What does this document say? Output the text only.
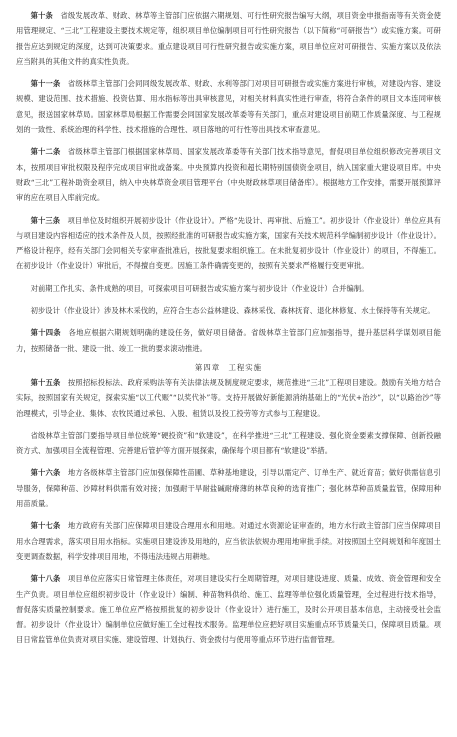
第十条　 省级发展改革、财政、林草等主管部门应依据六期规划、可行性研究报告编写大纲，项目资金申报指南等有关资金使用管理规定、“三北”工程建设主要技术规定等，组织项目单位编制项目可行性研究报告（以下简称“可研报告”）或实施方案。可研报告应达到规定的深度，达到可决策要求。重点建设项目可行性研究报告或实施方案，项目单位应对可研报告、实施方案以及依法应当附具的其他文件的真实性负责。

第十一条　 省级林草主管部门会同同级发展改革、财政、水利等部门对项目可研报告或实施方案进行审核，对建设内容、建设规模、建设范围、技术措施、投资估算、用水指标等出具审核意见，对相关材料真实性进行审查，将符合条件的项目文本连同审核意见，报送国家林草局。国家林草局根据工作需要会同国家发展改革委等有关部门，重点对建设项目前期工作质量深度、与工程规划的一致性、系统治理的科学性、技术措施的合理性、项目落地的可行性等出具技术审查意见。

第十二条　 省级林草主管部门根据国家林草局、国家发展改革委等有关部门技术指导意见，督促项目单位组织修改完善项目文本，按照项目审批权限及程序完成项目审批或备案。中央预算内投资和超长期特别国债资金项目，纳入国家重大建设项目库。中央财政“三北”工程补助资金项目，纳入中央林草资金项目管理平台（中央财政林草项目储备库）。根据地方工作安排，需要开展预算评审的应在项目入库前完成。

第十三条　 项目单位及时组织开展初步设计（作业设计）。严格“先设计、再审批、后施工”。初步设计（作业设计）单位应具有与项目建设内容相适应的技术条件及人员，按照经批准的可研报告或实施方案，国家有关技术规范科学编制初步设计（作业设计）。严格设计程序，经有关部门会同相关专家审查批准后，按批复要求组织施工。在未批复初步设计（作业设计）的项目，不得施工。在初步设计（作业设计）审批后，不得擅自变更。因施工条件确需变更的，按照有关要求严格履行变更审批。

对前期工作扎实、条件成熟的项目，可探索项目可研报告或实施方案与初步设计（作业设计）合并编制。

初步设计（作业设计）涉及林木采伐的，应符合生态公益林建设、森林采伐、森林抚育、退化林修复、水土保持等有关规定。

第十四条　 各地应根据六期规划明确的建设任务，做好项目储备。省级林草主管部门应加强指导，提升基层科学谋划项目能力，按照储备一批、建设一批、竣工一批的要求滚动推进。

第四章　工程实施

第十五条　 按照招标投标法、政府采购法等有关法律法规及制度规定要求，规范推进“三北”工程项目建设。鼓励有关地方结合实际，按照国家有关规定，探索实施“以工代赈”“以奖代补”等。支持开展做好新能源消纳基础上的“光伏+治沙”，以“以路治沙”等治理模式，引导企业、集体、农牧民通过承包、入股、租赁以及投工投劳等方式参与工程建设。

省级林草主管部门要指导项目单位统筹“硬投资”和“软建设”，在科学推进“三北”工程建设、强化资金要素支撑保障、创新投融资方式、加强项目全流程管理、完善建后管护等方面开展探索，确保每个项目都有“软建设”举措。

第十六条　 地方各级林草主管部门应加强保障性苗圃、草种基地建设，引导以需定产、订单生产、就近育苗；做好供需信息引导服务，保障种苗、沙障材料供需有效对接；加强耐干旱耐盐碱耐瘠薄的林草良种的选育推广；强化林草种苗质量监管，保障用种用苗质量。

第十七条　 地方政府有关部门应保障项目建设合理用水和用地。对通过水资源论证审查的，地方水行政主管部门应当保障项目用水合理需求，落实项目用水指标。实施项目建设涉及用地的，应当依法依规办理用地审批手续。对按照国土空间规划和年度国土变更调查数据，科学安排项目用地，不得违法违规占用耕地。

第十八条　 项目单位应落实日常管理主体责任，对项目建设实行全周期管理，对项目建设进度、质量、成效、资金管理和安全生产负责。项目单位应组织初步设计（作业设计）编制、种苗物料供给、施工、监理等单位强化质量管理，全过程进行技术指导，督促落实质量控制要求。施工单位应严格按照批复的初步设计（作业设计）进行施工，及时公开项目基本信息，主动接受社会监督。初步设计（作业设计）编制单位应做好施工全过程技术服务。监理单位应把好项目实施重点环节质量关口，保障项目质量。项目日常监管单位负责对项目实施、建设管理、计划执行、资金拨付与使用等重点环节进行监督管理。
